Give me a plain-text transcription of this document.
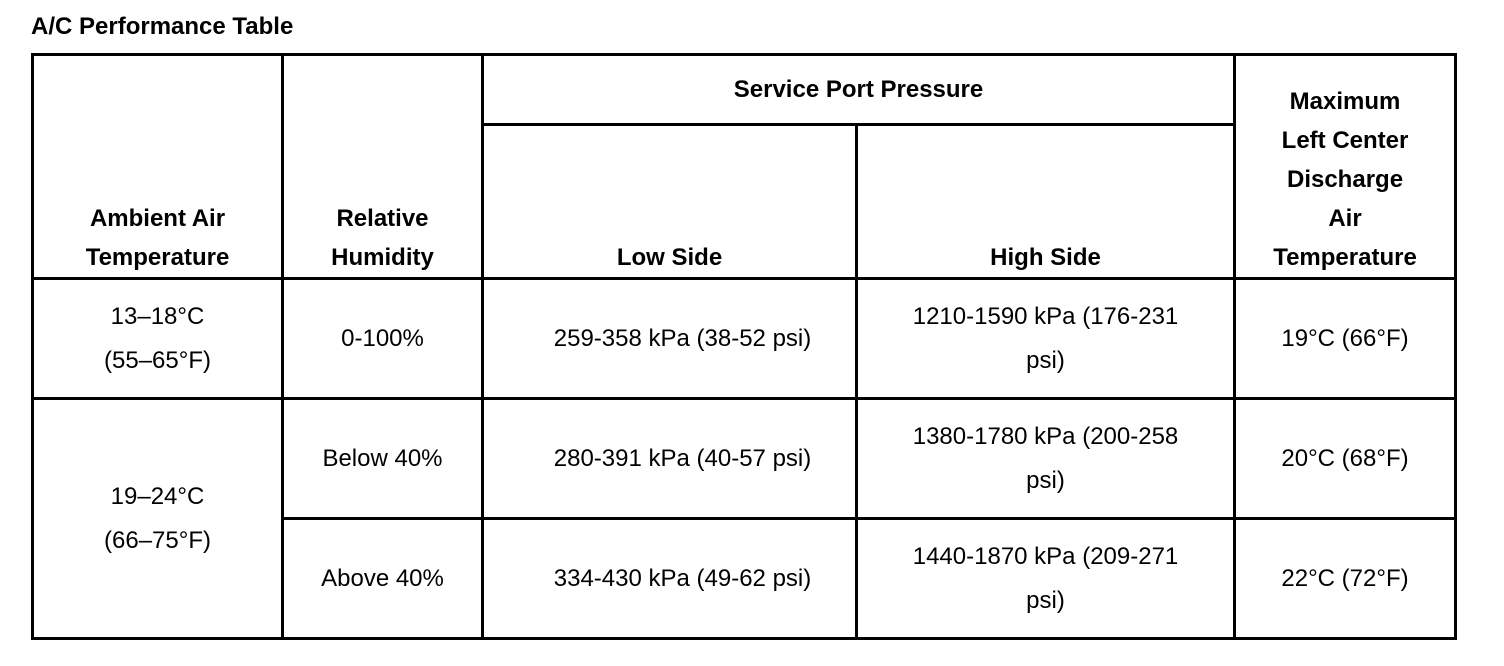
A/C Performance Table
Ambient Air
Temperature	Relative
Humidity	Service Port Pressure		Maximum
Left Center
Discharge
Air
Temperature

		Low Side	High Side	

13–18°C
(55–65°F)	0-100%	259-358 kPa (38-52 psi)	1210-1590 kPa (176-231
psi)	19°C (66°F)

19–24°C
(66–75°F)	Below 40%	280-391 kPa (40-57 psi)	1380-1780 kPa (200-258
psi)	20°C (68°F)
	Above 40%	334-430 kPa (49-62 psi)	1440-1870 kPa (209-271
psi)	22°C (72°F)
